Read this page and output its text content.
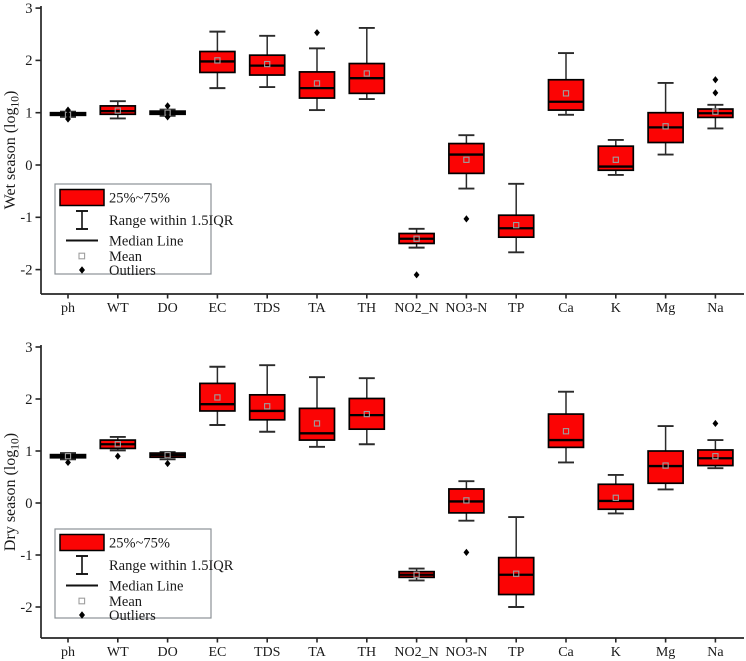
3
2
1
0
-1
-2
ph WT DO EC TDS TA TH NO2_N NO3-N TP Ca	K	Mg Na
Wet season $(\log_{10})$
25%~75%
Range within 1.5IQR
Median Line
Mean
Outliers
3
2
1
0
-1
-2
ph WT DO EC TDS TA TH NO2_N NO3-N TP Ca	K	Mg Na
Dry season $(\log_{10})$
25%~75%
Range within 1.5IQR
Median Line
Mean
Outliers
